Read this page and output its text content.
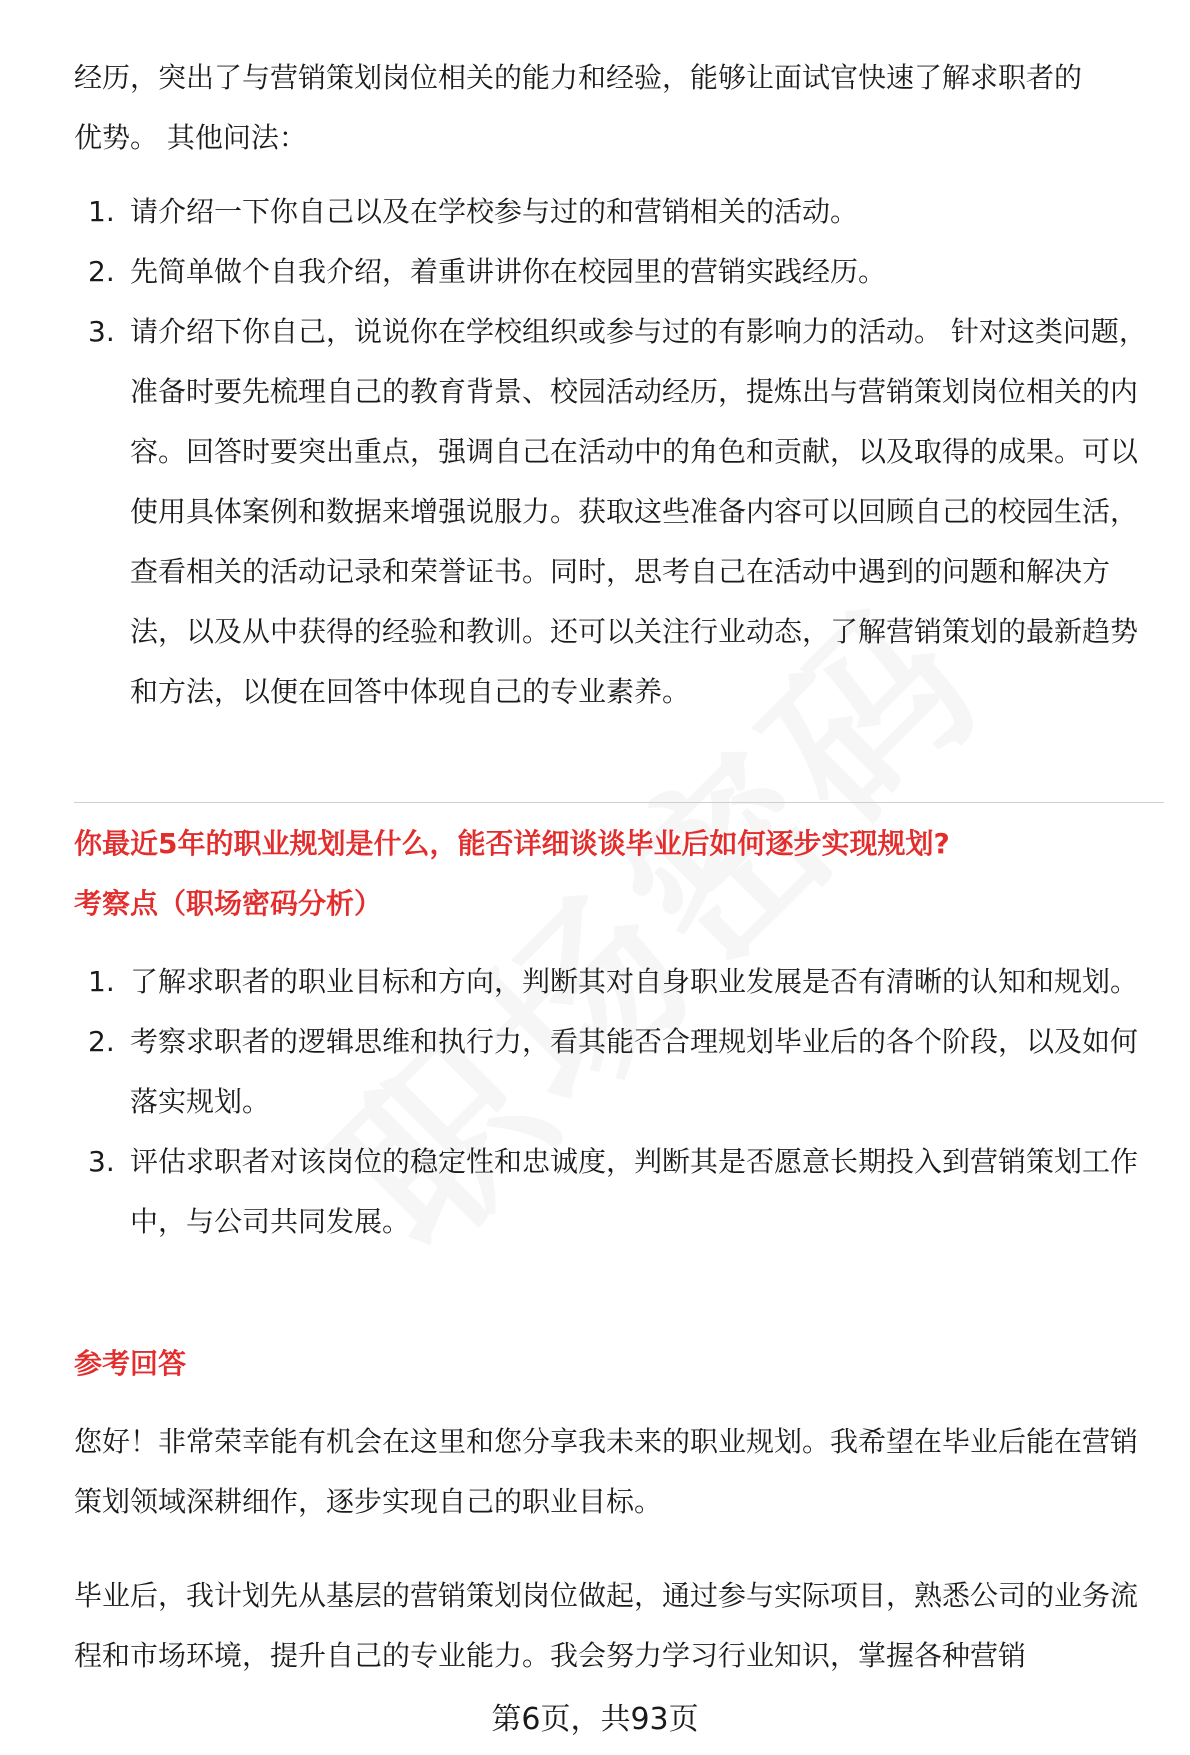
经历，突出了与营销策划岗位相关的能力和经验，能够让面试官快速了解求职者的
优势。 其他问法：

1. 请介绍一下你自己以及在学校参与过的和营销相关的活动。
2. 先简单做个自我介绍，着重讲讲你在校园里的营销实践经历。
3. 请介绍下你自己，说说你在学校组织或参与过的有影响力的活动。 针对这类问题，准备时要先梳理自己的教育背景、校园活动经历，提炼出与营销策划岗位相关的内容。回答时要突出重点，强调自己在活动中的角色和贡献，以及取得的成果。可以使用具体案例和数据来增强说服力。获取这些准备内容可以回顾自己的校园生活，查看相关的活动记录和荣誉证书。同时，思考自己在活动中遇到的问题和解决方法，以及从中获得的经验和教训。还可以关注行业动态，了解营销策划的最新趋势和方法，以便在回答中体现自己的专业素养。

你最近5年的职业规划是什么，能否详细谈谈毕业后如何逐步实现规划?

考察点（职场密码分析）

1. 了解求职者的职业目标和方向，判断其对自身职业发展是否有清晰的认知和规划。
2. 考察求职者的逻辑思维和执行力，看其能否合理规划毕业后的各个阶段，以及如何落实规划。
3. 评估求职者对该岗位的稳定性和忠诚度，判断其是否愿意长期投入到营销策划工作中，与公司共同发展。

参考回答

您好！非常荣幸能有机会在这里和您分享我未来的职业规划。我希望在毕业后能在营销策划领域深耕细作，逐步实现自己的职业目标。

毕业后，我计划先从基层的营销策划岗位做起，通过参与实际项目，熟悉公司的业务流程和市场环境，提升自己的专业能力。我会努力学习行业知识，掌握各种营销

第6页，共93页
